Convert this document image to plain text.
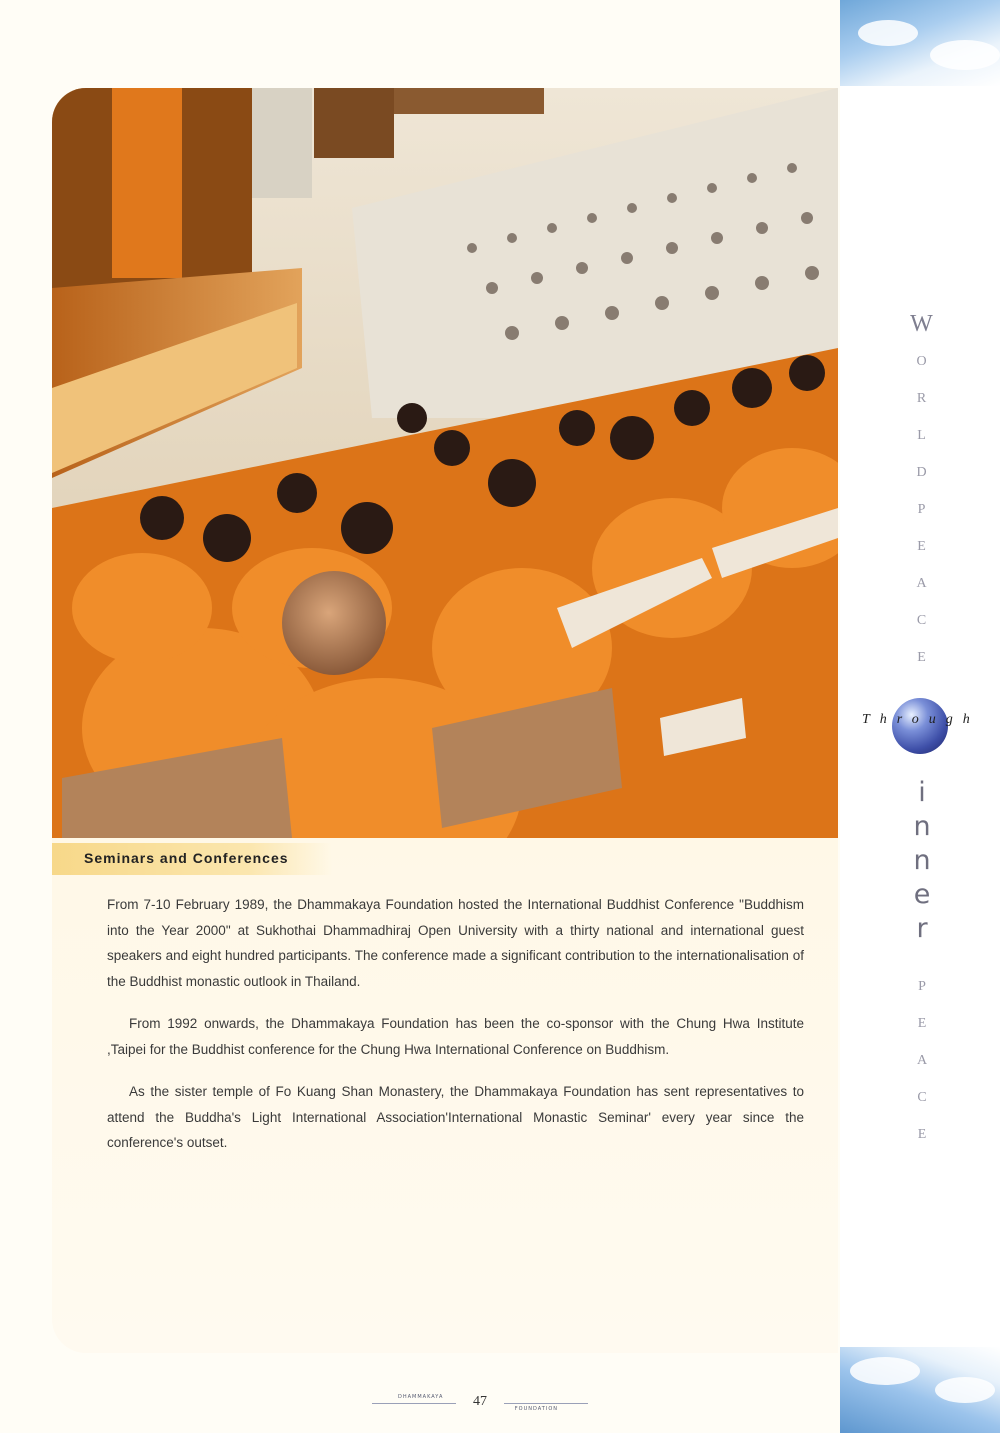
W
O
R
L
D
P
E
A
C
E
Through
i
n
n
e
r
P
E
A
C
E
Seminars and Conferences

From 7-10 February 1989, the Dhammakaya Foundation hosted the International Buddhist Conference "Buddhism into the Year 2000" at Sukhothai Dhammadhiraj Open University with a thirty national and international guest speakers and eight hundred participants. The conference made a significant contribution to the internationalisation of the Buddhist monastic outlook in Thailand.

From 1992 onwards, the Dhammakaya Foundation has been the co-sponsor with the Chung Hwa Institute ,Taipei for the Buddhist conference for the Chung Hwa International Conference on Buddhism.

As the sister temple of Fo Kuang Shan Monastery, the Dhammakaya Foundation has sent representatives to attend the Buddha's Light International Association'International Monastic Seminar' every year since the conference's outset.

DHAMMAKAYA 47	FOUNDATION
